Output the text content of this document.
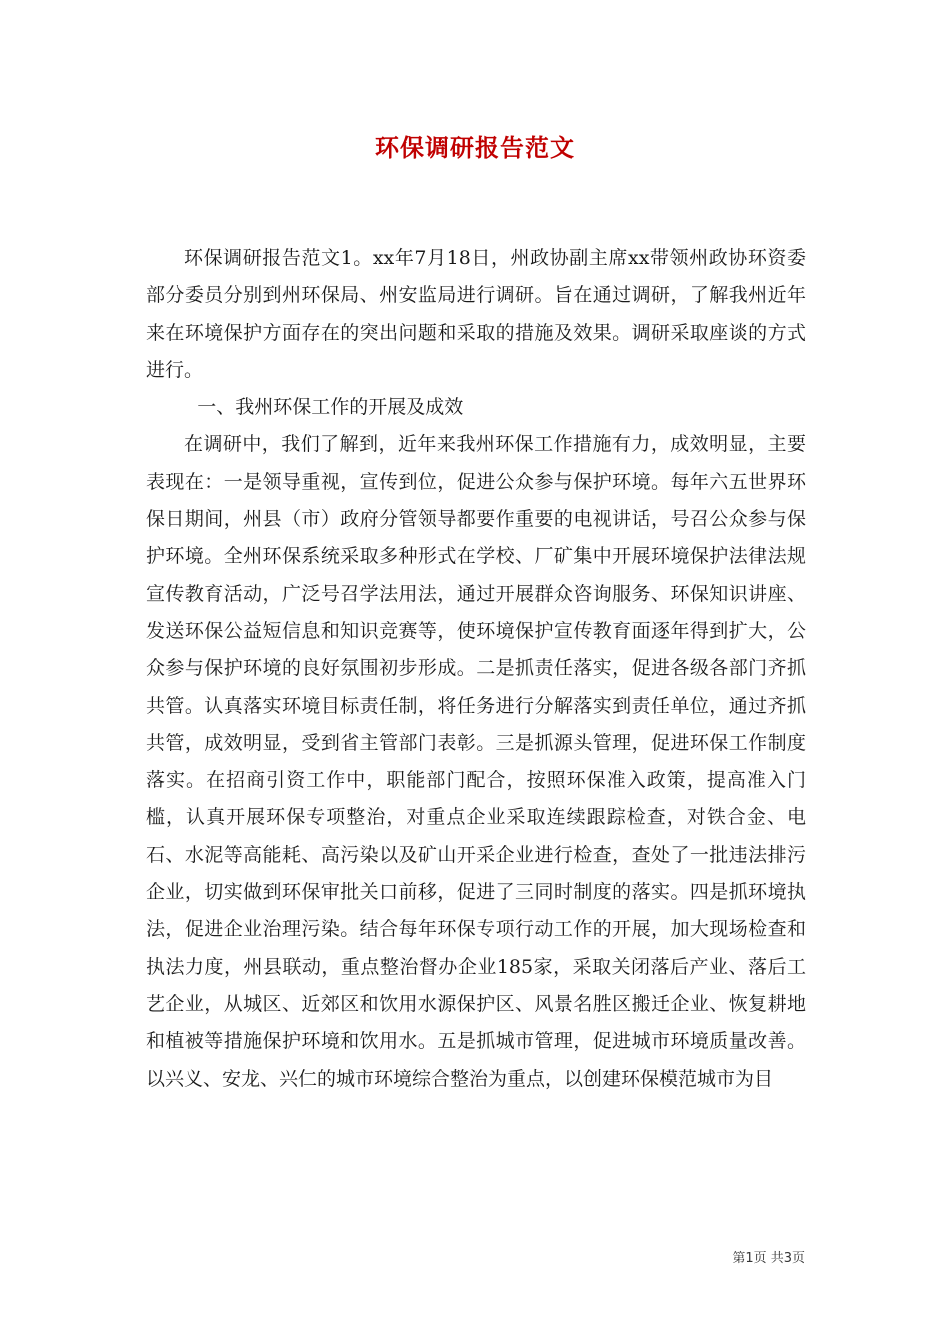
环保调研报告范文

环保调研报告范文1。xx年7月18日，州政协副主席xx带领州政协环资委部分委员分别到州环保局、州安监局进行调研。旨在通过调研，了解我州近年来在环境保护方面存在的突出问题和采取的措施及效果。调研采取座谈的方式进行。

一、我州环保工作的开展及成效

在调研中，我们了解到，近年来我州环保工作措施有力，成效明显，主要表现在：一是领导重视，宣传到位，促进公众参与保护环境。每年六五世界环保日期间，州县（市）政府分管领导都要作重要的电视讲话，号召公众参与保护环境。全州环保系统采取多种形式在学校、厂矿集中开展环境保护法律法规宣传教育活动，广泛号召学法用法，通过开展群众咨询服务、环保知识讲座、发送环保公益短信息和知识竞赛等，使环境保护宣传教育面逐年得到扩大，公众参与保护环境的良好氛围初步形成。二是抓责任落实，促进各级各部门齐抓共管。认真落实环境目标责任制，将任务进行分解落实到责任单位，通过齐抓共管，成效明显，受到省主管部门表彰。三是抓源头管理，促进环保工作制度落实。在招商引资工作中，职能部门配合，按照环保准入政策，提高准入门槛，认真开展环保专项整治，对重点企业采取连续跟踪检查，对铁合金、电石、水泥等高能耗、高污染以及矿山开采企业进行检查，查处了一批违法排污企业，切实做到环保审批关口前移，促进了三同时制度的落实。四是抓环境执法，促进企业治理污染。结合每年环保专项行动工作的开展，加大现场检查和执法力度，州县联动，重点整治督办企业185家，采取关闭落后产业、落后工艺企业，从城区、近郊区和饮用水源保护区、风景名胜区搬迁企业、恢复耕地和植被等措施保护环境和饮用水。五是抓城市管理，促进城市环境质量改善。以兴义、安龙、兴仁的城市环境综合整治为重点，以创建环保模范城市为目

第1页 共3页
